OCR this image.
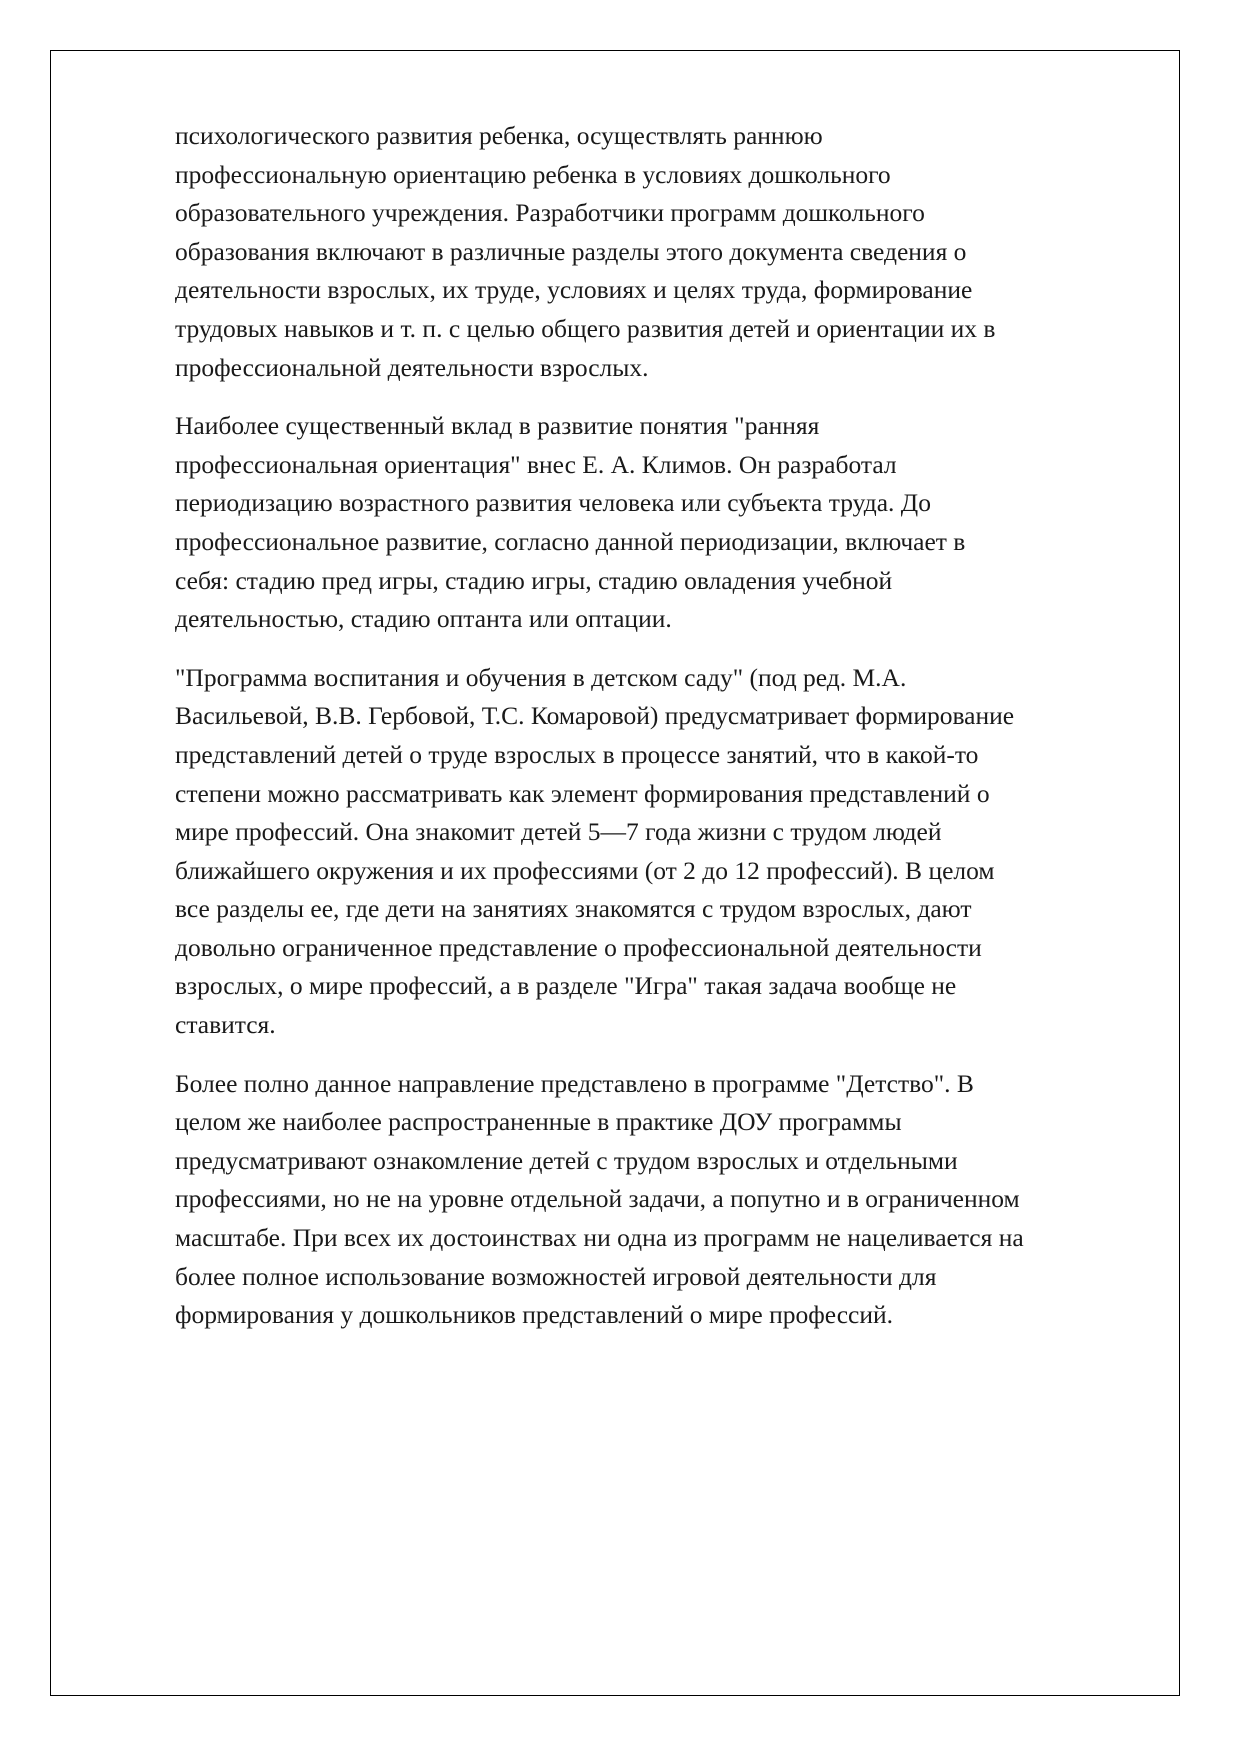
психологического развития ребенка, осуществлять раннюю
профессиональную ориентацию ребенка в условиях дошкольного
образовательного учреждения. Разработчики программ дошкольного
образования включают в различные разделы этого документа сведения о
деятельности взрослых, их труде, условиях и целях труда, формирование
трудовых навыков и т. п. с целью общего развития детей и ориентации их в
профессиональной деятельности взрослых.

Наиболее существенный вклад в развитие понятия "ранняя
профессиональная ориентация" внес Е. А. Климов. Он разработал
периодизацию возрастного развития человека или субъекта труда. До
профессиональное развитие, согласно данной периодизации, включает в
себя: стадию пред игры, стадию игры, стадию овладения учебной
деятельностью, стадию оптанта или оптации.

"Программа воспитания и обучения в детском саду" (под ред. М.А.
Васильевой, В.В. Гербовой, Т.С. Комаровой) предусматривает формирование
представлений детей о труде взрослых в процессе занятий, что в какой-то
степени можно рассматривать как элемент формирования представлений о
мире профессий. Она знакомит детей 5—7 года жизни с трудом людей
ближайшего окружения и их профессиями (от 2 до 12 профессий). В целом
все разделы ее, где дети на занятиях знакомятся с трудом взрослых, дают
довольно ограниченное представление о профессиональной деятельности
взрослых, о мире профессий, а в разделе "Игра" такая задача вообще не
ставится.

Более полно данное направление представлено в программе "Детство". В
целом же наиболее распространенные в практике ДОУ программы
предусматривают ознакомление детей с трудом взрослых и отдельными
профессиями, но не на уровне отдельной задачи, а попутно и в ограниченном
масштабе. При всех их достоинствах ни одна из программ не нацеливается на
более полное использование возможностей игровой деятельности для
формирования у дошкольников представлений о мире профессий.
